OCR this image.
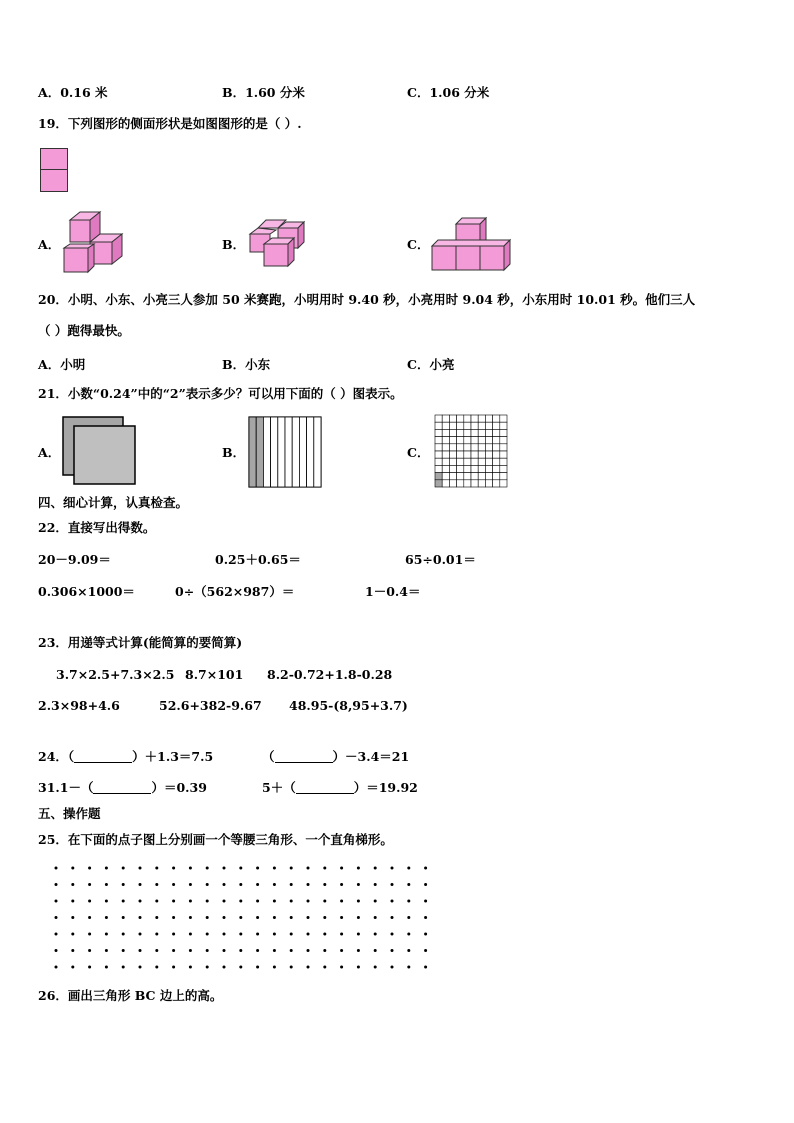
A．0.16 米	B．1.60 分米	C．1.06 分米
19．下列图形的侧面形状是如图图形的是（ ）.
A．	B．	C．
20．小明、小东、小亮三人参加 50 米赛跑，小明用时 9.40 秒，小亮用时 9.04 秒，小东用时 10.01 秒。他们三人
（ ）跑得最快。
A．小明	B．小东	C．小亮
21．小数“0.24”中的“2”表示多少？可以用下面的（ ）图表示。
A．	B．	C．
四、细心计算，认真检查。
22．直接写出得数。
20－9.09＝	0.25＋0.65＝	65÷0.01＝
0.306×1000＝	0÷（562×987）＝	1－0.4＝
23．用递等式计算(能简算的要简算)
3.7×2.5+7.3×2.5 8.7×101 8.2-0.72+1.8-0.28
2.3×98+4.6	52.6+382-9.67 48.95-(8,95+3.7)
24．（	）＋1.3＝7.5	（	）－3.4＝21
31.1－（	）＝0.39	5＋（	）＝19.92
五、操作题
25．在下面的点子图上分别画一个等腰三角形、一个直角梯形。
26．画出三角形 BC 边上的高。
